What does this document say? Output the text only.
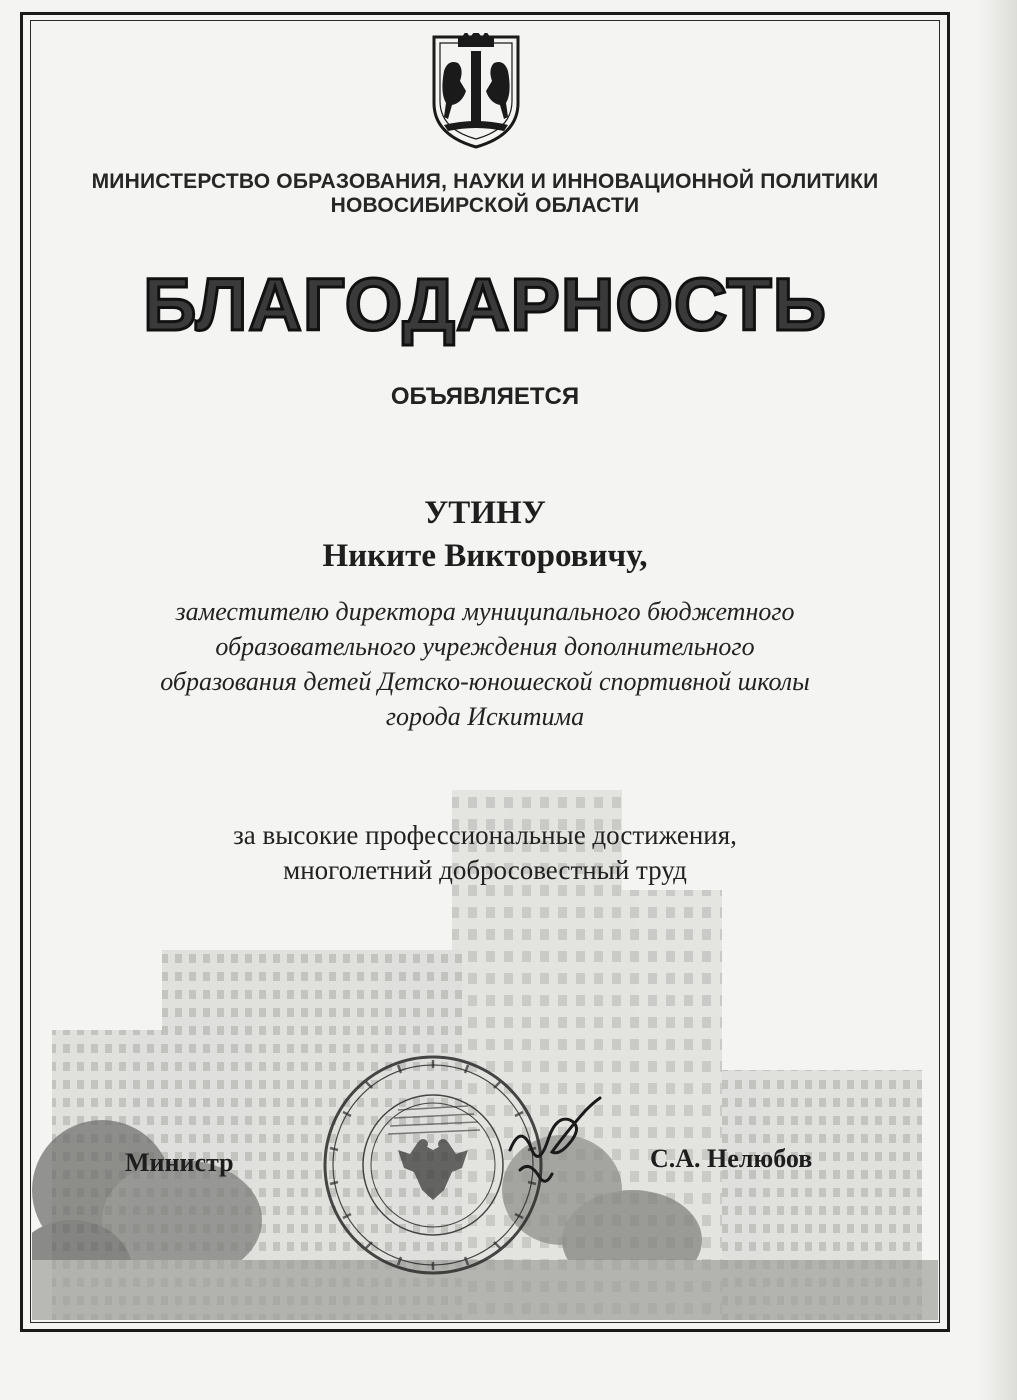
МИНИСТЕРСТВО ОБРАЗОВАНИЯ, НАУКИ И ИННОВАЦИОННОЙ ПОЛИТИКИ
НОВОСИБИРСКОЙ ОБЛАСТИ
БЛАГОДАРНОСТЬ
ОБЪЯВЛЯЕТСЯ
УТИНУ
Никите Викторовичу,
заместителю директора муниципального бюджетного
образовательного учреждения дополнительного
образования детей Детско-юношеской спортивной школы
города Искитима
за высокие профессиональные достижения,
многолетний добросовестный труд
Министр	С.А. Нелюбов
